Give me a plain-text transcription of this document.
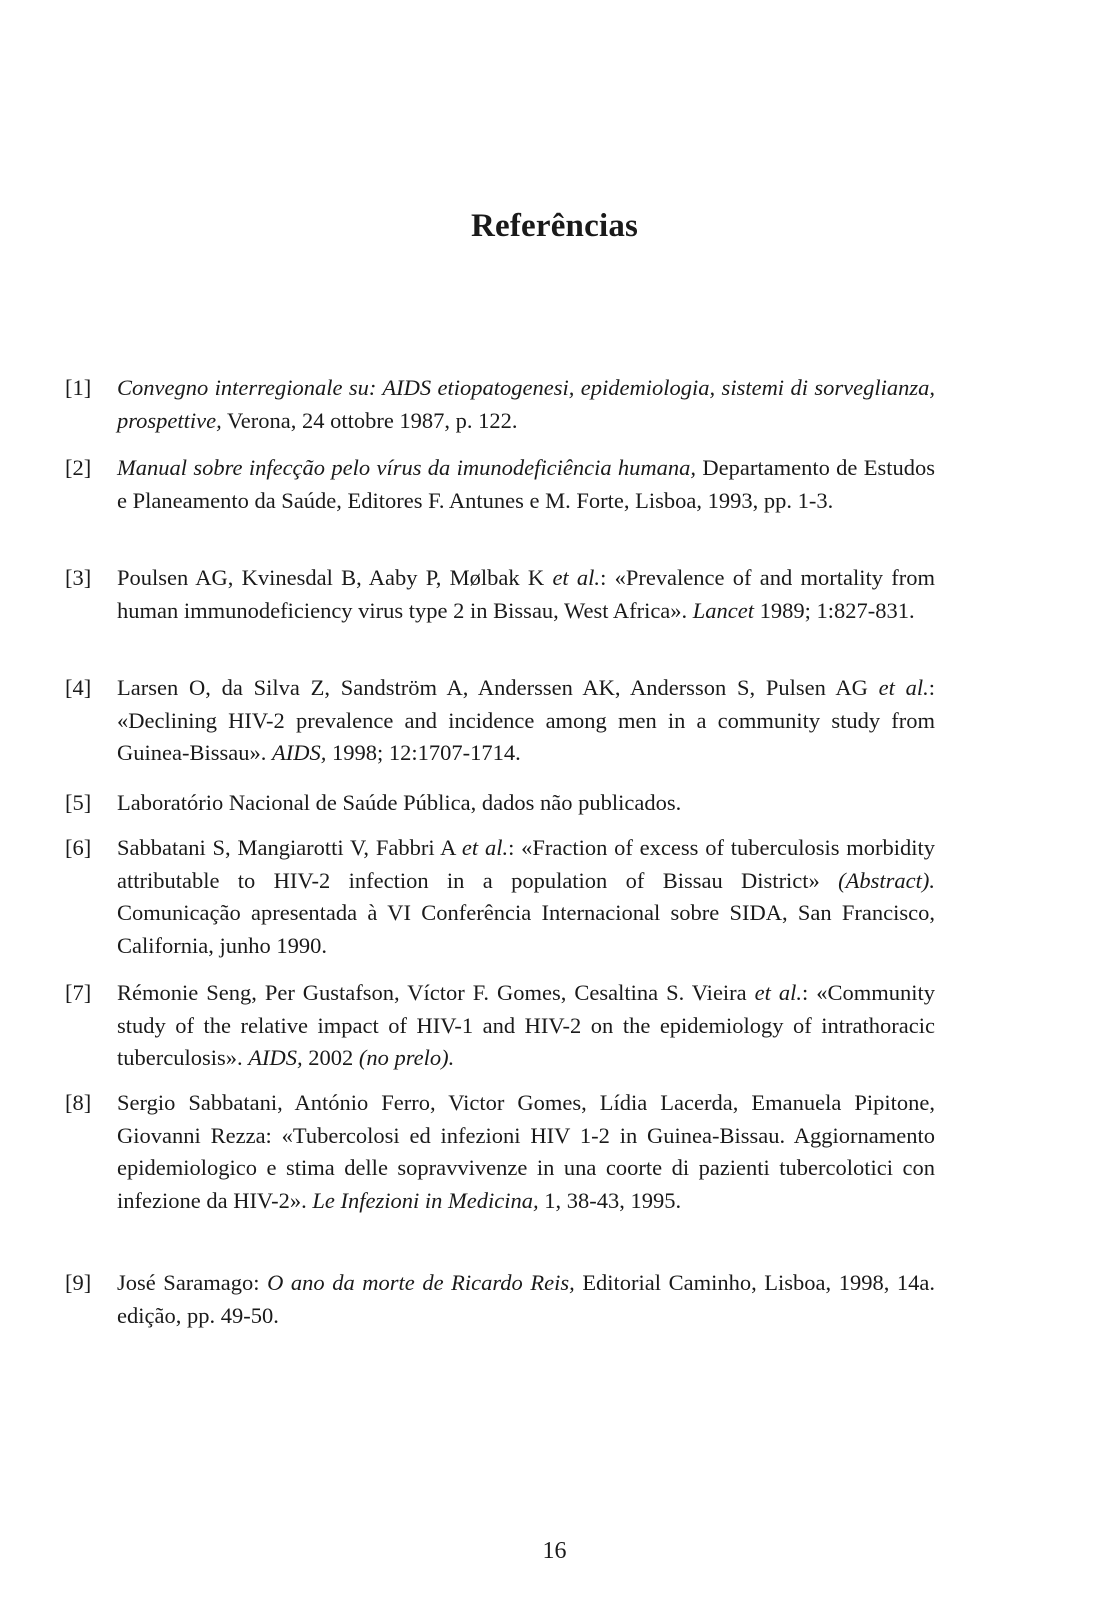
Referências
[1]	Convegno interregionale su: AIDS etiopatogenesi, epidemiologia, sistemi di sorveglianza, prospettive, Verona, 24 ottobre 1987, p. 122.
[2]	Manual sobre infecção pelo vírus da imunodeficiência humana, Departamento de Estudos e Planeamento da Saúde, Editores F. Antunes e M. Forte, Lisboa, 1993, pp. 1-3.
[3]	Poulsen AG, Kvinesdal B, Aaby P, Mølbak K et al.: «Prevalence of and mortality from human immunodeficiency virus type 2 in Bissau, West Africa». Lancet 1989; 1:827-831.
[4]	Larsen O, da Silva Z, Sandström A, Anderssen AK, Andersson S, Pulsen AG et al.: «Declining HIV-2 prevalence and incidence among men in a community study from Guinea-Bissau». AIDS, 1998; 12:1707-1714.
[5]	Laboratório Nacional de Saúde Pública, dados não publicados.
[6]	Sabbatani S, Mangiarotti V, Fabbri A et al.: «Fraction of excess of tuberculosis morbidity attributable to HIV-2 infection in a population of Bissau District» (Abstract). Comunicação apresentada à VI Conferência Internacional sobre SIDA, San Francisco, California, junho 1990.
[7]	Rémonie Seng, Per Gustafson, Víctor F. Gomes, Cesaltina S. Vieira et al.: «Community study of the relative impact of HIV-1 and HIV-2 on the epidemiology of intrathoracic tuberculosis». AIDS, 2002 (no prelo).
[8]	Sergio Sabbatani, António Ferro, Victor Gomes, Lídia Lacerda, Emanuela Pipitone, Giovanni Rezza: «Tubercolosi ed infezioni HIV 1-2 in Guinea-Bissau. Aggiornamento epidemiologico e stima delle sopravvivenze in una coorte di pazienti tubercolotici con infezione da HIV-2». Le Infezioni in Medicina, 1, 38-43, 1995.
[9]	José Saramago: O ano da morte de Ricardo Reis, Editorial Caminho, Lisboa, 1998, 14a. edição, pp. 49-50.
16
